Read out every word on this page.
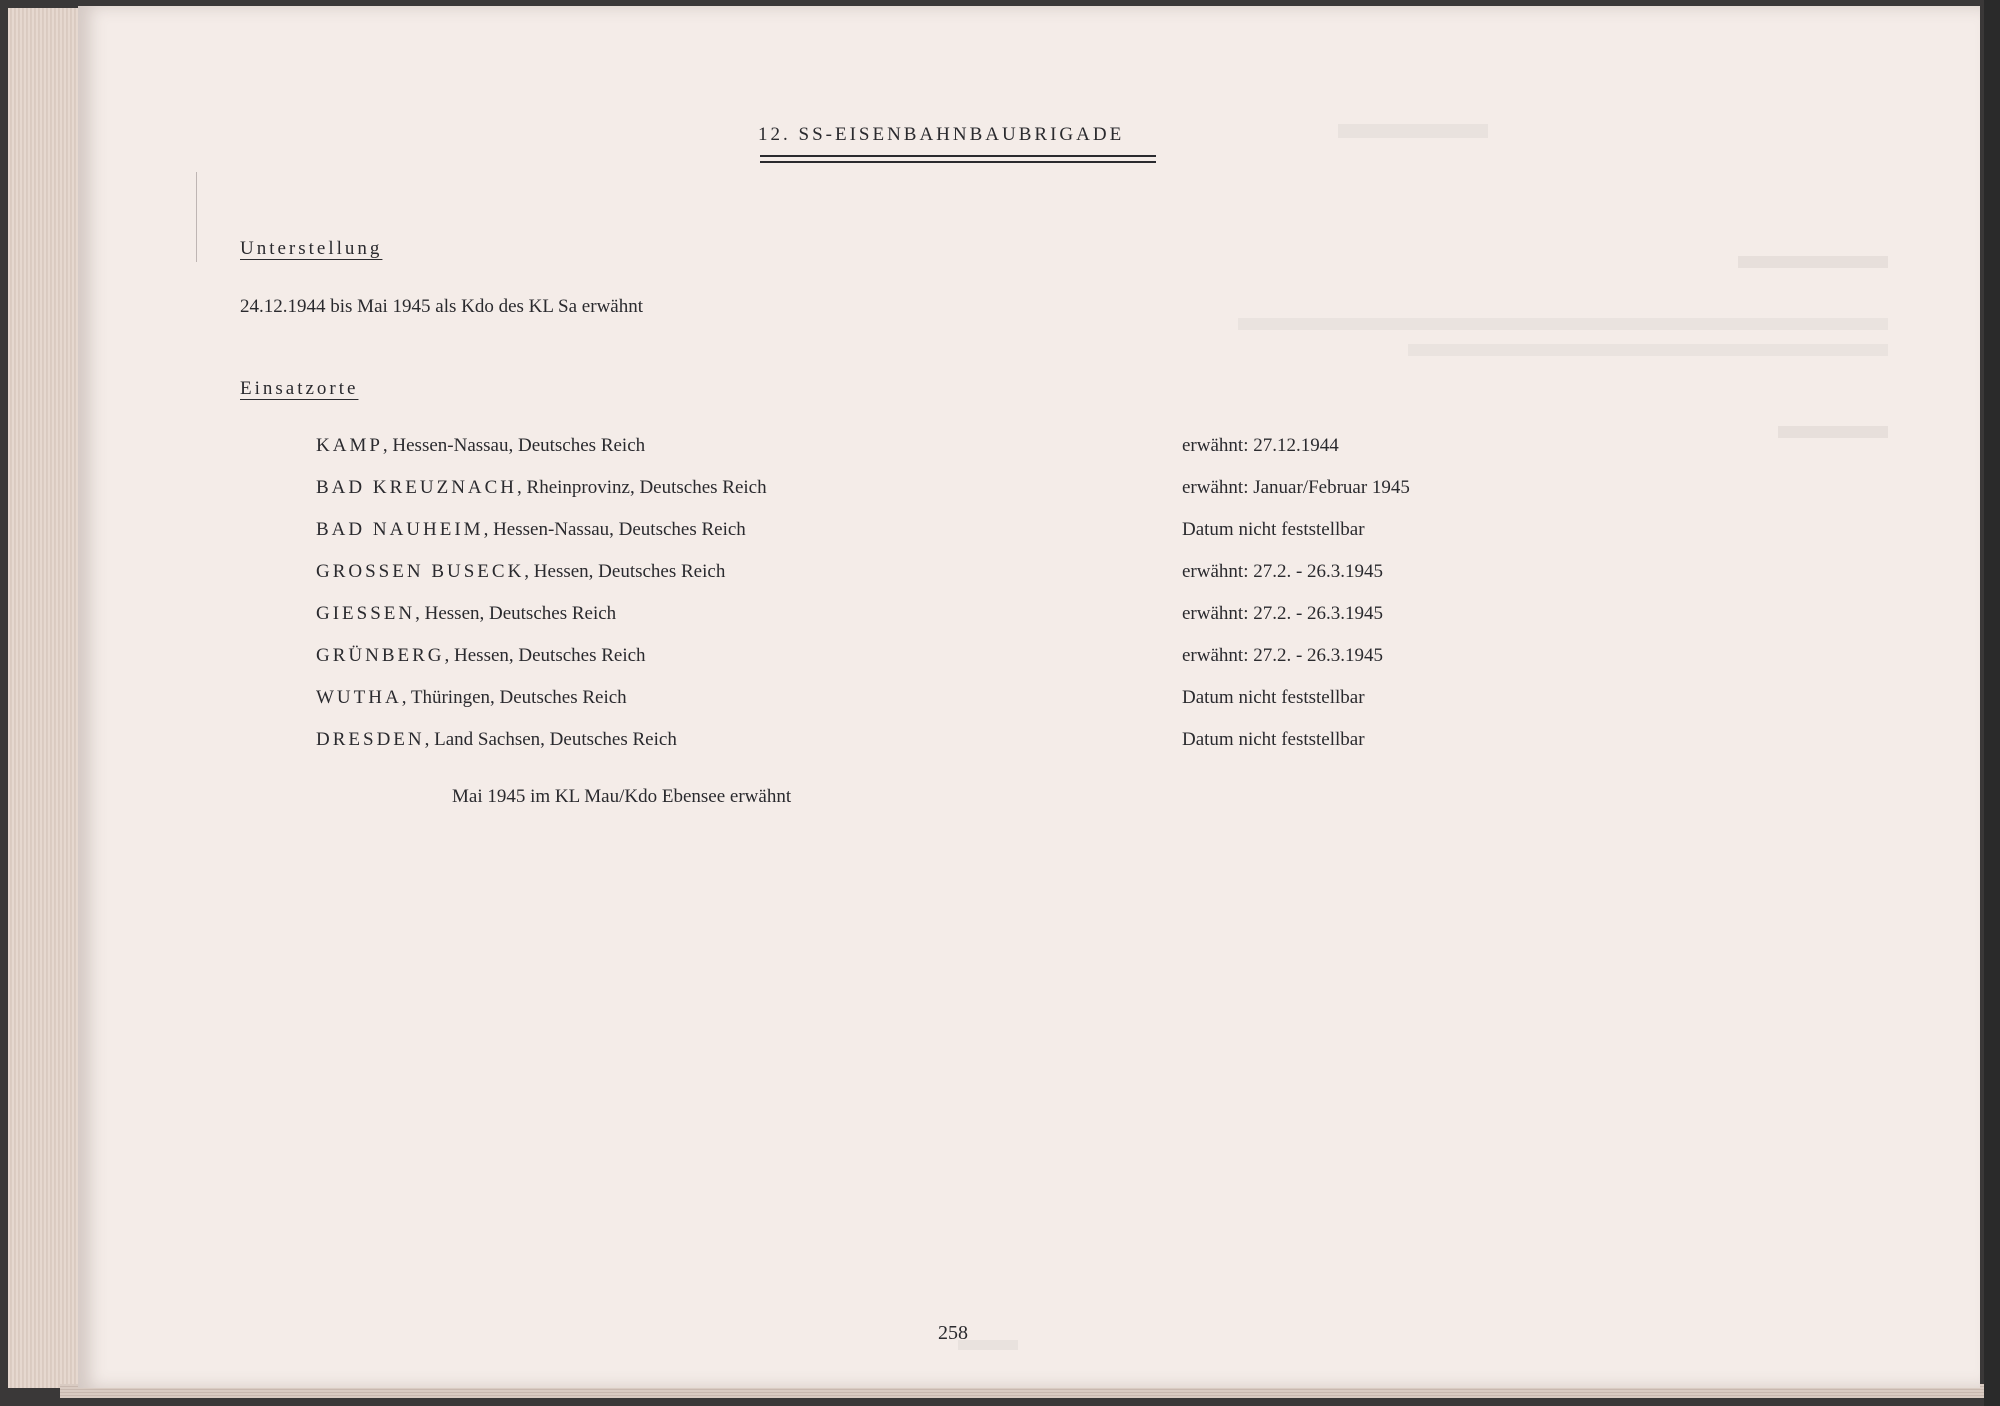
12. SS-EISENBAHNBAUBRIGADE
Unterstellung
24.12.1944 bis Mai 1945 als Kdo des KL Sa erwähnt
Einsatzorte
KAMP, Hessen-Nassau, Deutsches Reich	erwähnt: 27.12.1944
BAD KREUZNACH, Rheinprovinz, Deutsches Reich	erwähnt: Januar/Februar 1945
BAD NAUHEIM, Hessen-Nassau, Deutsches Reich	Datum nicht feststellbar
GROSSEN BUSECK, Hessen, Deutsches Reich	erwähnt: 27.2. - 26.3.1945
GIESSEN, Hessen, Deutsches Reich	erwähnt: 27.2. - 26.3.1945
GRÜNBERG, Hessen, Deutsches Reich	erwähnt: 27.2. - 26.3.1945
WUTHA, Thüringen, Deutsches Reich	Datum nicht feststellbar
DRESDEN, Land Sachsen, Deutsches Reich	Datum nicht feststellbar
Mai 1945 im KL Mau/Kdo Ebensee erwähnt
258
